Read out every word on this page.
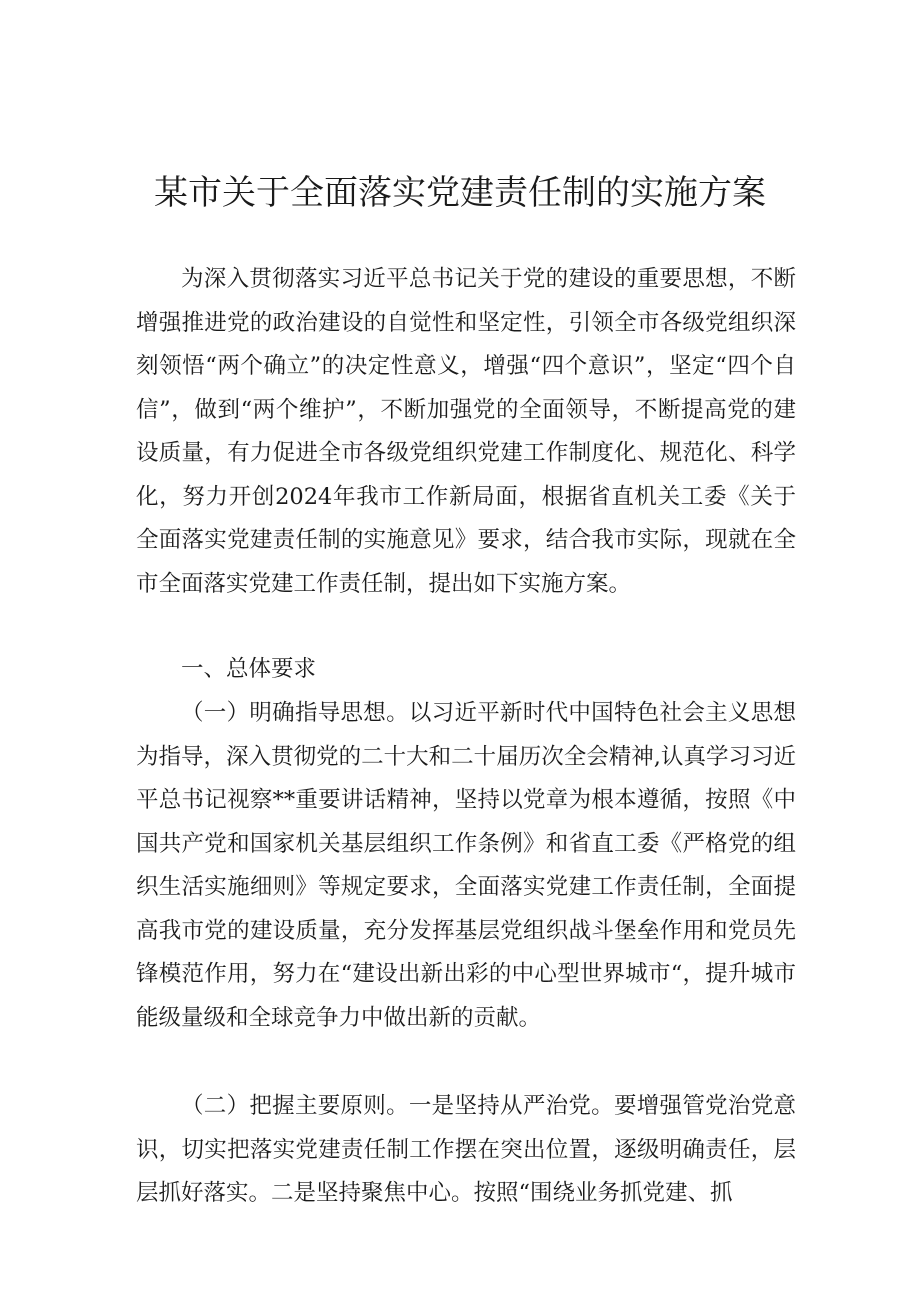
某市关于全面落实党建责任制的实施方案

为深入贯彻落实习近平总书记关于党的建设的重要思想，不断增强推进党的政治建设的自觉性和坚定性，引领全市各级党组织深刻领悟“两个确立”的决定性意义，增强“四个意识”，坚定“四个自信”，做到“两个维护”，不断加强党的全面领导，不断提高党的建设质量，有力促进全市各级党组织党建工作制度化、规范化、科学化，努力开创2024年我市工作新局面，根据省直机关工委《关于全面落实党建责任制的实施意见》要求，结合我市实际，现就在全市全面落实党建工作责任制，提出如下实施方案。

一、总体要求

（一）明确指导思想。以习近平新时代中国特色社会主义思想为指导，深入贯彻党的二十大和二十届历次全会精神,认真学习习近平总书记视察**重要讲话精神，坚持以党章为根本遵循，按照《中国共产党和国家机关基层组织工作条例》和省直工委《严格党的组织生活实施细则》等规定要求，全面落实党建工作责任制，全面提高我市党的建设质量，充分发挥基层党组织战斗堡垒作用和党员先锋模范作用，努力在“建设出新出彩的中心型世界城市“，提升城市能级量级和全球竞争力中做出新的贡献。

（二）把握主要原则。一是坚持从严治党。要增强管党治党意识，切实把落实党建责任制工作摆在突出位置，逐级明确责任，层层抓好落实。二是坚持聚焦中心。按照“围绕业务抓党建、抓
